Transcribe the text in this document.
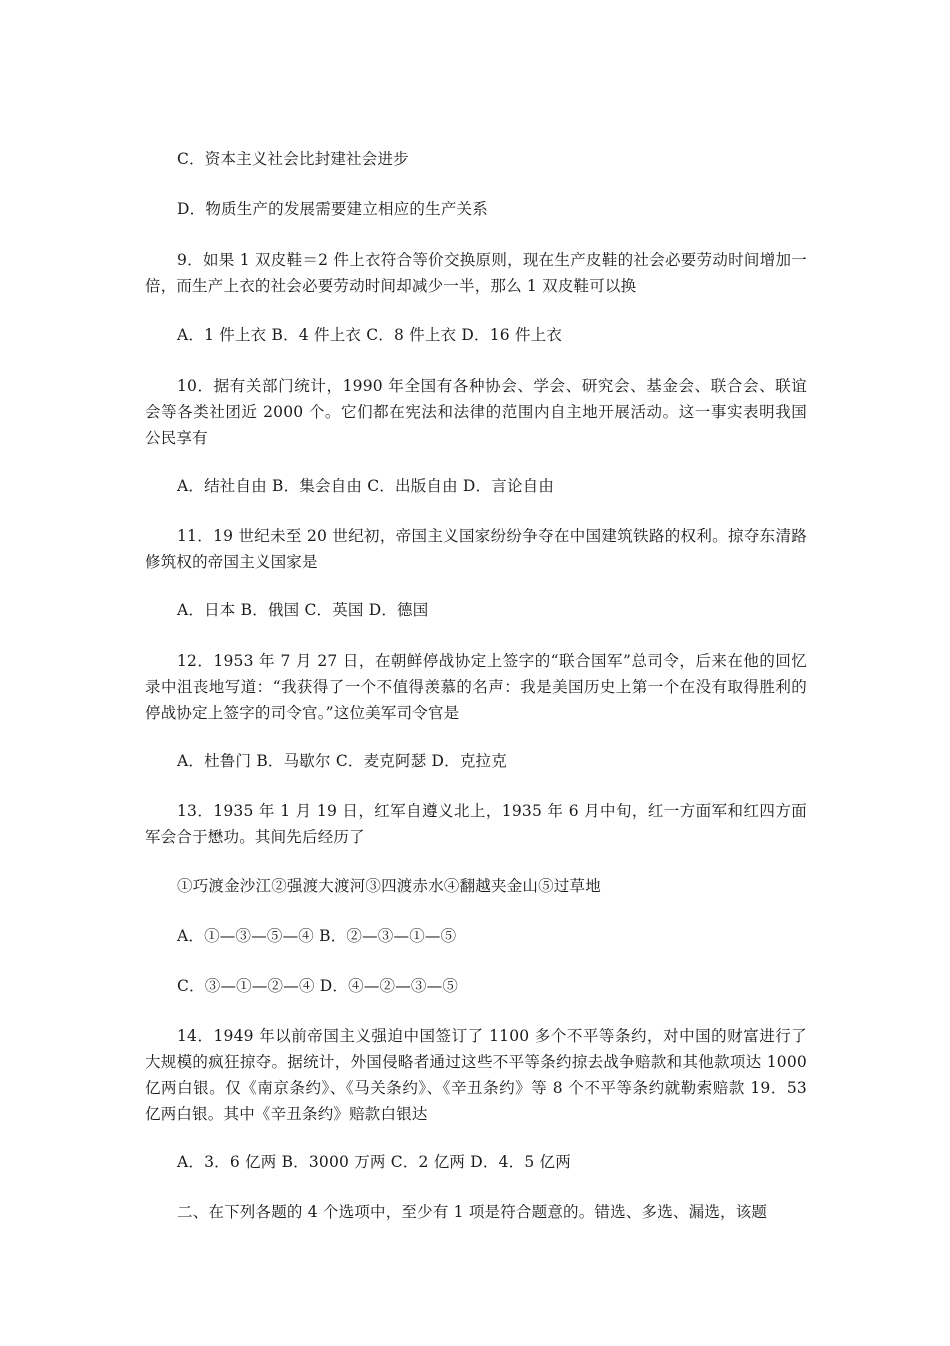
C．资本主义社会比封建社会进步

D．物质生产的发展需要建立相应的生产关系

9．如果 1 双皮鞋＝2 件上衣符合等价交换原则，现在生产皮鞋的社会必要劳动时间增加一倍，而生产上衣的社会必要劳动时间却减少一半，那么 1 双皮鞋可以换

A．1 件上衣 B．4 件上衣 C．8 件上衣 D．16 件上衣

10．据有关部门统计，1990 年全国有各种协会、学会、研究会、基金会、联合会、联谊会等各类社团近 2000 个。它们都在宪法和法律的范围内自主地开展活动。这一事实表明我国公民享有

A．结社自由 B．集会自由 C．出版自由 D．言论自由

11．19 世纪未至 20 世纪初，帝国主义国家纷纷争夺在中国建筑铁路的权利。掠夺东清路修筑权的帝国主义国家是

A．日本 B．俄国 C．英国 D．德国

12．1953 年 7 月 27 日，在朝鲜停战协定上签字的“联合国军”总司令，后来在他的回忆录中沮丧地写道：“我获得了一个不值得羡慕的名声：我是美国历史上第一个在没有取得胜利的停战协定上签字的司令官。”这位美军司令官是

A．杜鲁门 B．马歇尔 C．麦克阿瑟 D．克拉克

13．1935 年 1 月 19 日，红军自遵义北上，1935 年 6 月中旬，红一方面军和红四方面军会合于懋功。其间先后经历了

①巧渡金沙江②强渡大渡河③四渡赤水④翻越夹金山⑤过草地

A．①—③—⑤—④ B．②—③—①—⑤

C．③—①—②—④ D．④—②—③—⑤

14．1949 年以前帝国主义强迫中国签订了 1100 多个不平等条约，对中国的财富进行了大规模的疯狂掠夺。据统计，外国侵略者通过这些不平等条约掠去战争赔款和其他款项达 1000 亿两白银。仅《南京条约》、《马关条约》、《辛丑条约》等 8 个不平等条约就勒索赔款 19．53 亿两白银。其中《辛丑条约》赔款白银达

A．3．6 亿两 B．3000 万两 C．2 亿两 D．4．5 亿两

二、在下列各题的 4 个选项中，至少有 1 项是符合题意的。错选、多选、漏选，该题
